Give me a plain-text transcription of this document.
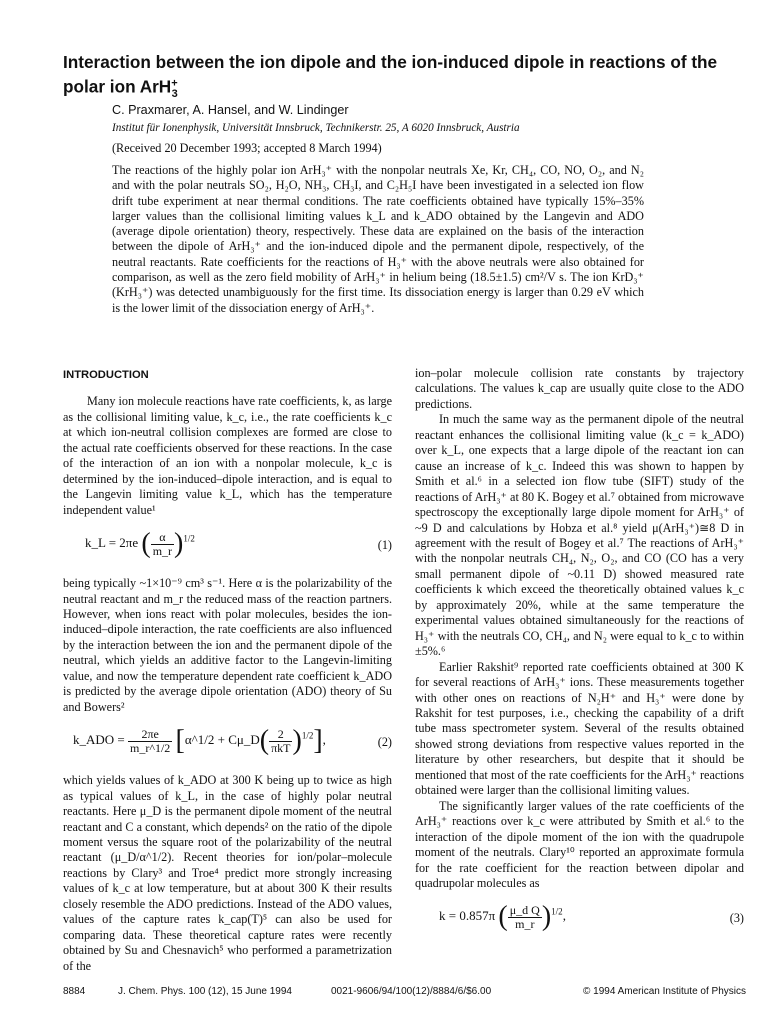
Interaction between the ion dipole and the ion-induced dipole in reactions of the polar ion ArH+$_3$

C. Praxmarer, A. Hansel, and W. Lindinger

Institut für Ionenphysik, Universität Innsbruck, Technikerstr. 25, A 6020 Innsbruck, Austria

(Received 20 December 1993; accepted 8 March 1994)

The reactions of the highly polar ion ArH₃⁺ with the nonpolar neutrals Xe, Kr, CH₄, CO, NO, O₂, and N₂ and with the polar neutrals SO₂, H₂O, NH₃, CH₃I, and C₂H₅I have been investigated in a selected ion flow drift tube experiment at near thermal conditions. The rate coefficients obtained have typically 15%–35% larger values than the collisional limiting values k_L and k_ADO obtained by the Langevin and ADO (average dipole orientation) theory, respectively. These data are explained on the basis of the interaction between the dipole of ArH₃⁺ and the ion-induced dipole and the permanent dipole, respectively, of the neutral reactants. Rate coefficients for the reactions of H₃⁺ with the above neutrals were also obtained for comparison, as well as the zero field mobility of ArH₃⁺ in helium being (18.5±1.5) cm²/V s. The ion KrD₃⁺ (KrH₃⁺) was detected unambiguously for the first time. Its dissociation energy is larger than 0.29 eV which is the lower limit of the dissociation energy of ArH₃⁺.

INTRODUCTION

Many ion molecule reactions have rate coefficients, k, as large as the collisional limiting value, k_c, i.e., the rate coefficients k_c at which ion-neutral collision complexes are formed are close to the actual rate coefficients observed for these reactions. In the case of the interaction of an ion with a nonpolar molecule, k_c is determined by the ion-induced–dipole interaction, and is equal to the Langevin limiting value k_L, which has the temperature independent value¹

k_L = 2πe ( $\frac{\alpha}{m\_r} )^{1/2}$	(1)

being typically ~1×10⁻⁹ cm³ s⁻¹. Here α is the polarizability of the neutral reactant and m_r the reduced mass of the reaction partners. However, when ions react with polar molecules, besides the ion-induced–dipole interaction, the rate coefficients are also influenced by the interaction between the ion and the permanent dipole of the neutral, which yields an additive factor to the Langevin-limiting value, and now the temperature dependent rate coefficient k_ADO is predicted by the average dipole orientation (ADO) theory of Su and Bowers²

k_ADO = $\frac{2\pi e}{m\_r\^{}1/2}$ [α^1/2 + Cμ_D( $\frac{2}{\text{πkT}} )^{1/2}$],	(2)

which yields values of k_ADO at 300 K being up to twice as high as typical values of k_L, in the case of highly polar neutral reactants. Here μ_D is the permanent dipole moment of the neutral reactant and C a constant, which depends² on the ratio of the dipole moment versus the square root of the polarizability of the neutral reactant (μ_D/α^1/2). Recent theories for ion/polar–molecule reactions by Clary³ and Troe⁴ predict more strongly increasing values of k_c at low temperature, but at about 300 K their results closely resemble the ADO predictions. Instead of the ADO values, values of the capture rates k_cap(T)⁵ can also be used for comparing data. These theoretical capture rates were recently obtained by Su and Chesnavich⁵ who performed a parametrization of the

ion–polar molecule collision rate constants by trajectory calculations. The values k_cap are usually quite close to the ADO predictions.

In much the same way as the permanent dipole of the neutral reactant enhances the collisional limiting value (k_c = k_ADO) over k_L, one expects that a large dipole of the reactant ion can cause an increase of k_c. Indeed this was shown to happen by Smith et al.⁶ in a selected ion flow tube (SIFT) study of the reactions of ArH₃⁺ at 80 K. Bogey et al.⁷ obtained from microwave spectroscopy the exceptionally large dipole moment for ArH₃⁺ of ~9 D and calculations by Hobza et al.⁸ yield μ(ArH₃⁺)≅8 D in agreement with the result of Bogey et al.⁷ The reactions of ArH₃⁺ with the nonpolar neutrals CH₄, N₂, O₂, and CO (CO has a very small permanent dipole of ~0.11 D) showed measured rate coefficients k which exceed the theoretically obtained values k_c by approximately 20%, while at the same temperature the experimental values obtained simultaneously for the reactions of H₃⁺ with the neutrals CO, CH₄, and N₂ were equal to k_c to within ±5%.⁶

Earlier Rakshit⁹ reported rate coefficients obtained at 300 K for several reactions of ArH₃⁺ ions. These measurements together with other ones on reactions of N₂H⁺ and H₃⁺ were done by Rakshit for test purposes, i.e., checking the capability of a drift tube mass spectrometer system. Several of the results obtained showed strong deviations from respective values reported in the literature by other researchers, but despite that it should be mentioned that most of the rate coefficients for the ArH₃⁺ reactions obtained were larger than the collisional limiting values.

The significantly larger values of the rate coefficients of the ArH₃⁺ reactions over k_c were attributed by Smith et al.⁶ to the interaction of the dipole moment of the ion with the quadrupole moment of the neutrals. Clary¹⁰ reported an approximate formula for the rate coefficient for the reaction between dipolar and quadrupolar molecules as

k = 0.857π ( $\frac{\text{μ\_d Q}}{m\_r} )^{1/2}$,	(3)
8884	J. Chem. Phys. 100 (12), 15 June 1994	0021-9606/94/100(12)/8884/6/$6.00	© 1994 American Institute of Physics
